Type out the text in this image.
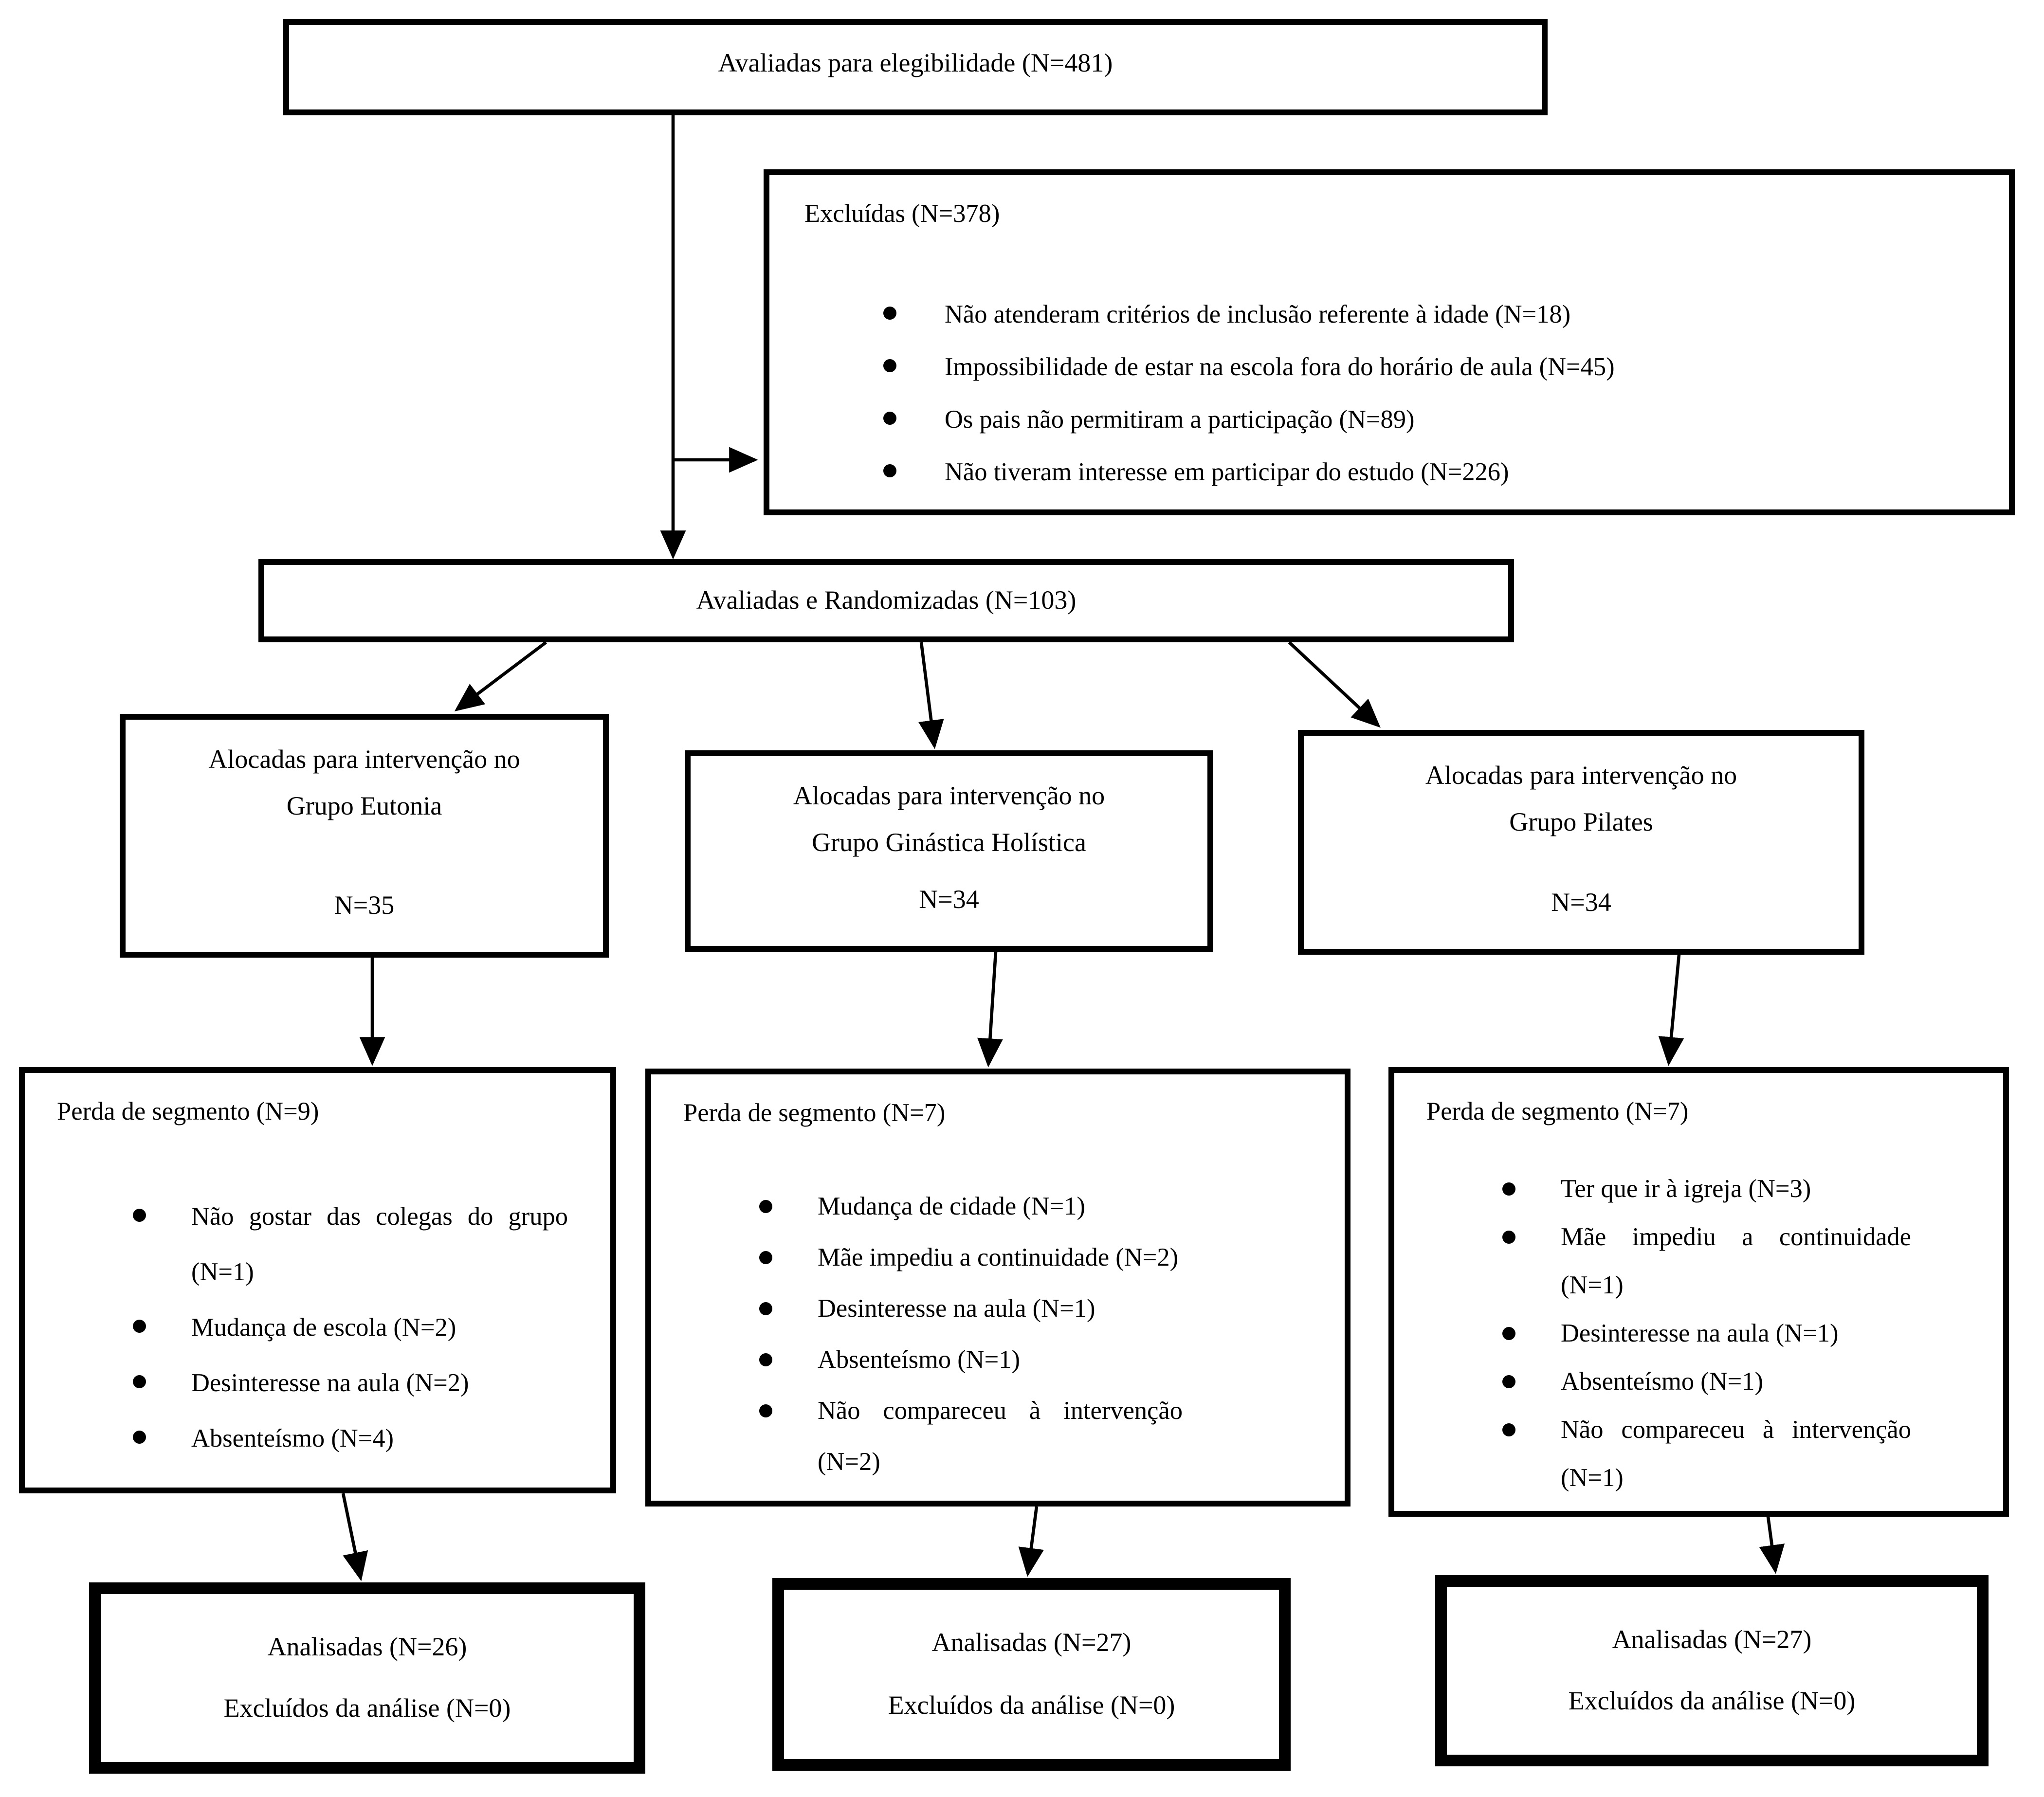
Avaliadas para elegibilidade (N=481)
Excluídas (N=378)
Não atenderam critérios de inclusão referente à idade (N=18)
Impossibilidade de estar na escola fora do horário de aula (N=45)
Os pais não permitiram a participação (N=89)
Não tiveram interesse em participar do estudo (N=226)
Avaliadas e Randomizadas (N=103)
Alocadas para intervenção no
Grupo Eutonia
N=35
Alocadas para intervenção no
Grupo Ginástica Holística
N=34
Alocadas para intervenção no
Grupo Pilates
N=34
Perda de segmento (N=9)
Não gostar das colegas do grupo (N=1)
Mudança de escola (N=2)
Desinteresse na aula (N=2)
Absenteísmo (N=4)
Perda de segmento (N=7)
Mudança de cidade (N=1)
Mãe impediu a continuidade (N=2)
Desinteresse na aula (N=1)
Absenteísmo (N=1)
Não compareceu à intervenção (N=2)
Perda de segmento (N=7)
Ter que ir à igreja (N=3)
Mãe impediu a continuidade (N=1)
Desinteresse na aula (N=1)
Absenteísmo (N=1)
Não compareceu à intervenção (N=1)
Analisadas (N=26)
Excluídos da análise (N=0)
Analisadas (N=27)
Excluídos da análise (N=0)
Analisadas (N=27)
Excluídos da análise (N=0)
